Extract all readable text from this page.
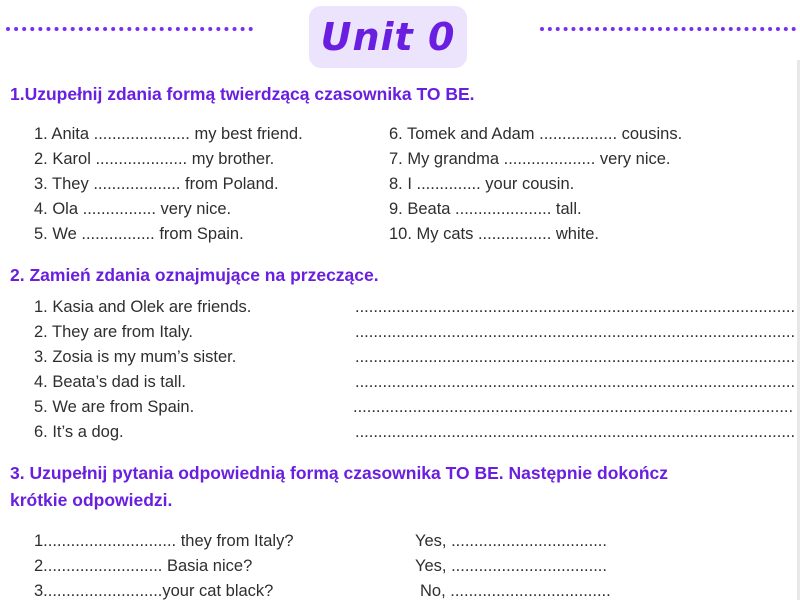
Unit 0
1.Uzupełnij zdania formą twierdzącą czasownika TO BE.
1. Anita ..................... my best friend.
2. Karol .................... my brother.
3. They ................... from Poland.
4. Ola ................ very nice.
5. We ................ from Spain.
6. Tomek and Adam ................. cousins.
7. My grandma .................... very nice.
8. I .............. your cousin.
9. Beata ..................... tall.
10. My cats ................ white.
2. Zamień zdania oznajmujące na przeczące.
1. Kasia and Olek are friends.
2. They are from Italy.
3. Zosia is my mum’s sister.
4. Beata’s dad is tall.
5. We are from Spain.
6. It’s a dog.
................................................................................................
................................................................................................
................................................................................................
................................................................................................
................................................................................................
................................................................................................
3. Uzupełnij pytania odpowiednią formą czasownika TO BE. Następnie dokończ
krótkie odpowiedzi.
1............................. they from Italy?
2.......................... Basia nice?
3..........................your cat black?
Yes, ..................................
Yes, ..................................
No, ...................................
